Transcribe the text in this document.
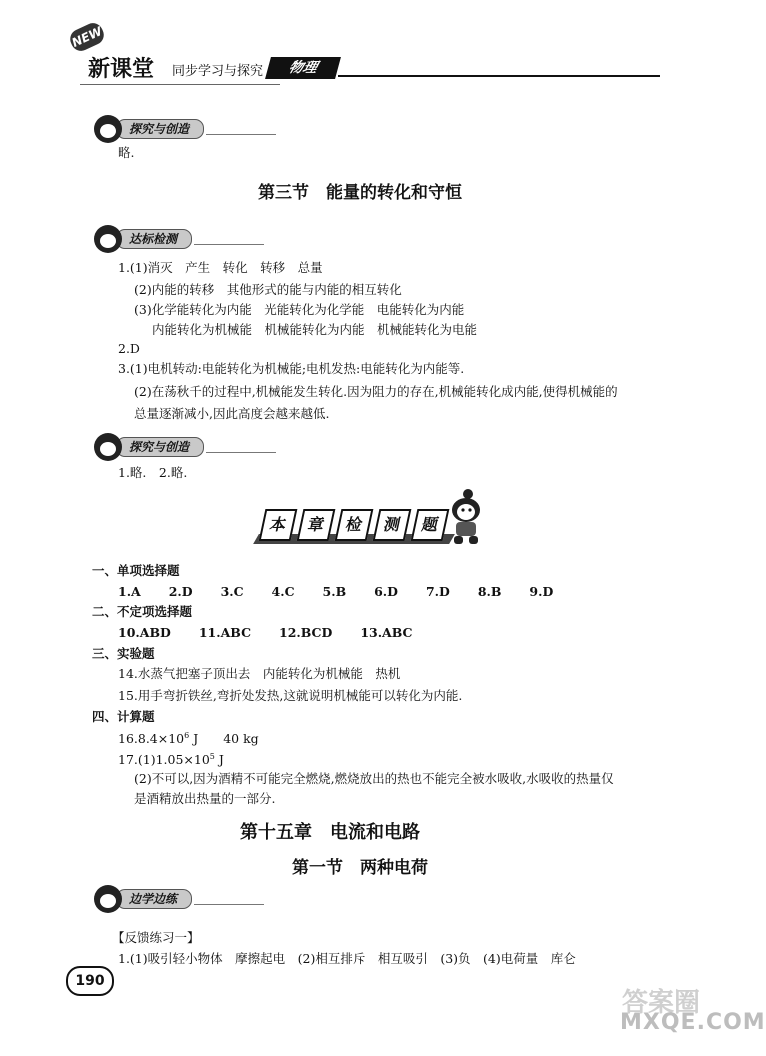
NEW
新课堂 同步学习与探究	物理
探究与创造
略.
第三节　能量的转化和守恒
达标检测
1.(1)消灭　产生　转化　转移　总量
(2)内能的转移　其他形式的能与内能的相互转化
(3)化学能转化为内能　光能转化为化学能　电能转化为内能
内能转化为机械能　机械能转化为内能　机械能转化为电能
2.D
3.(1)电机转动:电能转化为机械能;电机发热:电能转化为内能等.
(2)在荡秋千的过程中,机械能发生转化.因为阻力的存在,机械能转化成内能,使得机械能的
总量逐渐减小,因此高度会越来越低.
探究与创造
1.略.　2.略.
本	章	检	测	题
一、单项选择题
1.A 2.D 3.C 4.C 5.B 6.D 7.D 8.B 9.D
二、不定项选择题
10.ABD 11.ABC 12.BCD 13.ABC
三、实验题
14.水蒸气把塞子顶出去　内能转化为机械能　热机
15.用手弯折铁丝,弯折处发热,这就说明机械能可以转化为内能.
四、计算题
$16.8.4\times 10^6$ J　　40 kg
$17.(1)1.05\times 10^5$ J
(2)不可以,因为酒精不可能完全燃烧,燃烧放出的热也不能完全被水吸收,水吸收的热量仅
是酒精放出热量的一部分.
第十五章　电流和电路
第一节　两种电荷
边学边练
【反馈练习一】
1.(1)吸引轻小物体　摩擦起电　(2)相互排斥　相互吸引　(3)负　(4)电荷量　库仑
190
答案圈
MXQE.COM
